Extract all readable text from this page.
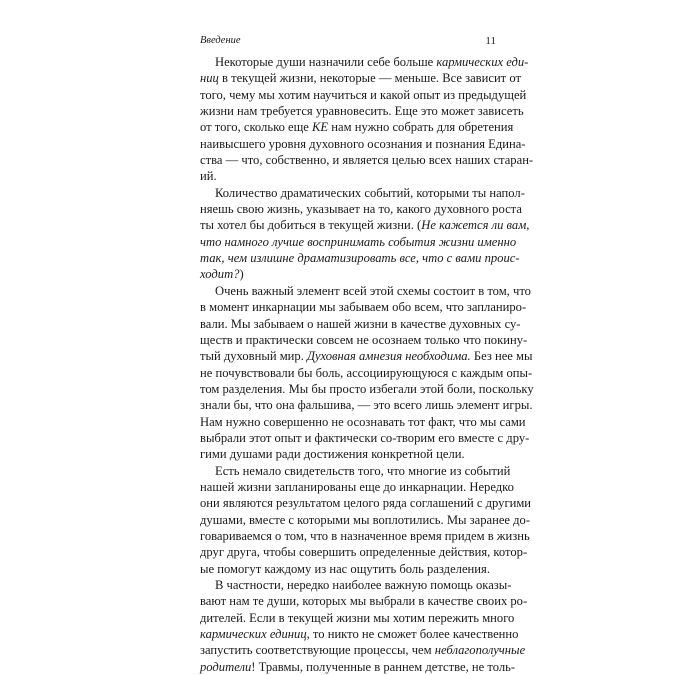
Введение	11
Некоторые души назначили себе больше кармических еди-
ниц в текущей жизни, некоторые — меньше. Все зависит от
того, чему мы хотим научиться и какой опыт из предыдущей
жизни нам требуется уравновесить. Еще это может зависеть
от того, сколько еще КЕ нам нужно собрать для обретения
наивысшего уровня духовного осознания и познания Едина-
ства — что, собственно, и является целью всех наших старан-
ий.
Количество драматических событий, которыми ты напол-
няешь свою жизнь, указывает на то, какого духовного роста
ты хотел бы добиться в текущей жизни. (Не кажется ли вам,
что намного лучше воспринимать события жизни именно
так, чем излишне драматизировать все, что с вами проис-
ходит?)
Очень важный элемент всей этой схемы состоит в том, что
в момент инкарнации мы забываем обо всем, что запланиро-
вали. Мы забываем о нашей жизни в качестве духовных су-
ществ и практически совсем не осознаем только что покину-
тый духовный мир. Духовная амнезия необходима. Без нее мы
не почувствовали бы боль, ассоциирующуюся с каждым опы-
том разделения. Мы бы просто избегали этой боли, поскольку
знали бы, что она фальшива, — это всего лишь элемент игры.
Нам нужно совершенно не осознавать тот факт, что мы сами
выбрали этот опыт и фактически со-творим его вместе с дру-
гими душами ради достижения конкретной цели.
Есть немало свидетельств того, что многие из событий
нашей жизни запланированы еще до инкарнации. Нередко
они являются результатом целого ряда соглашений с другими
душами, вместе с которыми мы воплотились. Мы заранее до-
говариваемся о том, что в назначенное время придем в жизнь
друг друга, чтобы совершить определенные действия, котор-
ые помогут каждому из нас ощутить боль разделения.
В частности, нередко наиболее важную помощь оказы-
вают нам те души, которых мы выбрали в качестве своих ро-
дителей. Если в текущей жизни мы хотим пережить много
кармических единиц, то никто не сможет более качественно
запустить соответствующие процессы, чем неблагополучные
родители! Травмы, полученные в раннем детстве, не толь-
